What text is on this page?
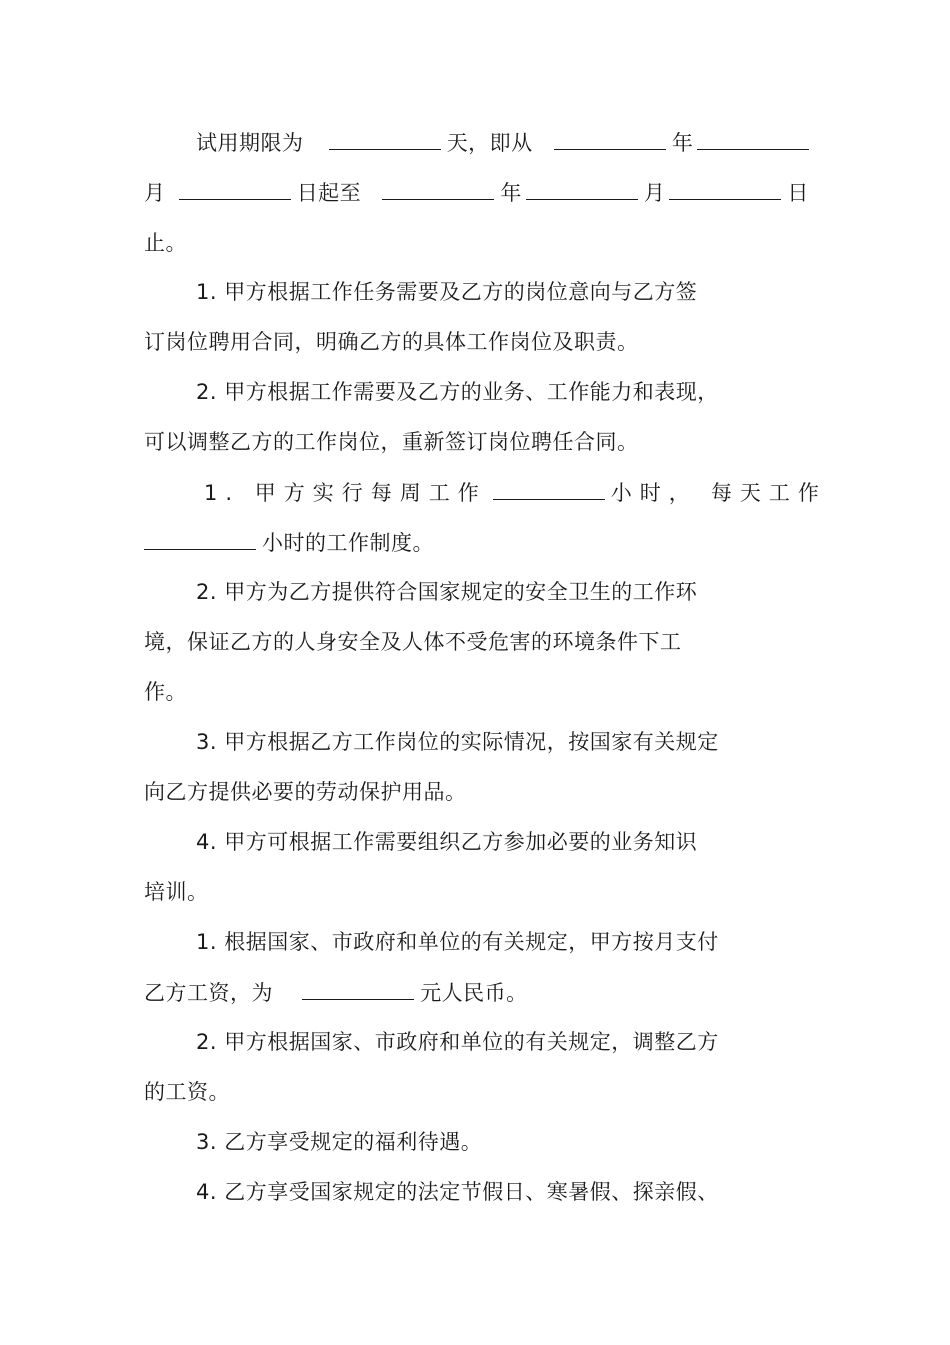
试用期限为	天，即从	年
月	日起至	年	月	日
止。
1. 甲方根据工作任务需要及乙方的岗位意向与乙方签
订岗位聘用合同，明确乙方的具体工作岗位及职责。
2. 甲方根据工作需要及乙方的业务、工作能力和表现，
可以调整乙方的工作岗位，重新签订岗位聘任合同。
1. 甲方实行每周工作	小时， 每天工作
小时的工作制度。
2. 甲方为乙方提供符合国家规定的安全卫生的工作环
境，保证乙方的人身安全及人体不受危害的环境条件下工
作。
3. 甲方根据乙方工作岗位的实际情况，按国家有关规定
向乙方提供必要的劳动保护用品。
4. 甲方可根据工作需要组织乙方参加必要的业务知识
培训。
1. 根据国家、市政府和单位的有关规定，甲方按月支付
乙方工资，为	元人民币。
2. 甲方根据国家、市政府和单位的有关规定，调整乙方
的工资。
3. 乙方享受规定的福利待遇。
4. 乙方享受国家规定的法定节假日、寒暑假、探亲假、
